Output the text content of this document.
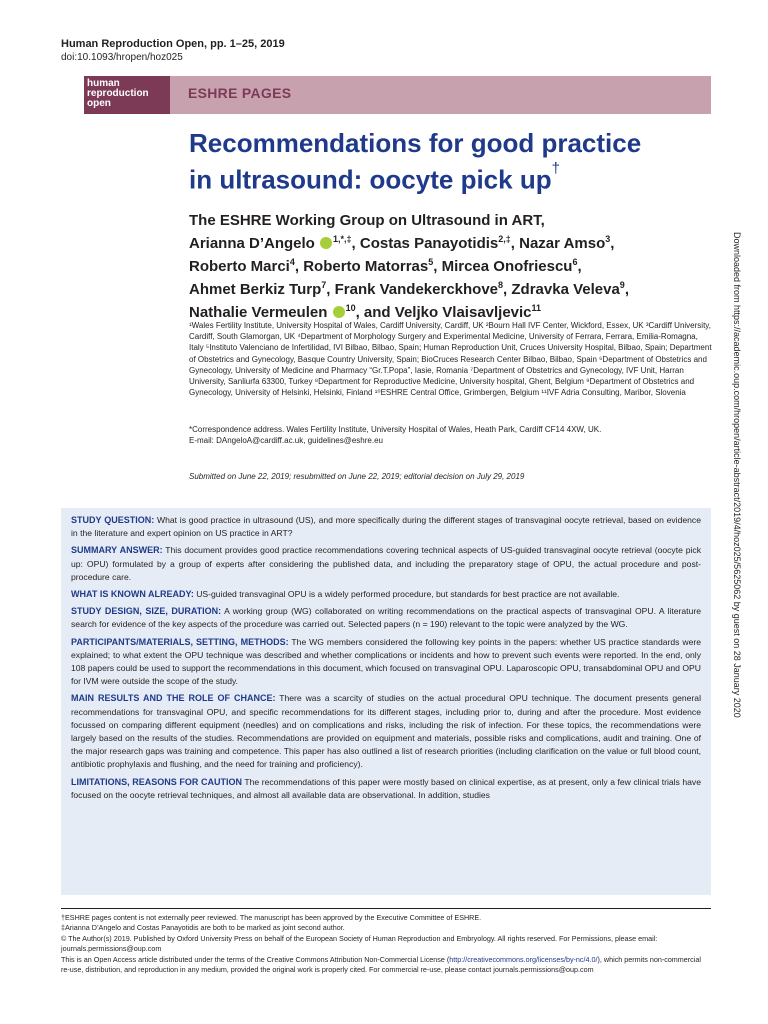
Human Reproduction Open, pp. 1–25, 2019
doi:10.1093/hropen/hoz025
human
reproduction
open
ESHRE PAGES
Recommendations for good practice
in ultrasound: oocyte pick up†
The ESHRE Working Group on Ultrasound in ART,
Arianna D’Angelo $^{1,*,\ddagger}$, Costas Panayotidis$^{2,\ddagger}$, Nazar Amso$^3$,
Roberto Marci$^4$, Roberto Matorras$^5$, Mircea Onofriescu$^6$,
Ahmet Berkiz Turp$^7$, Frank Vandekerckhove$^8$, Zdravka Veleva$^9$,
Nathalie Vermeulen $^{10}$, and Veljko Vlaisavljevic$^{11}$
¹Wales Fertility Institute, University Hospital of Wales, Cardiff University, Cardiff, UK ²Bourn Hall IVF Center, Wickford, Essex, UK ³Cardiff University, Cardiff, South Glamorgan, UK ⁴Department of Morphology Surgery and Experimental Medicine, University of Ferrara, Ferrara, Emilia-Romagna, Italy ⁵Instituto Valenciano de Infertilidad, IVI Bilbao, Bilbao, Spain; Human Reproduction Unit, Cruces University Hospital, Bilbao, Spain; Department of Obstetrics and Gynecology, Basque Country University, Spain; BioCruces Research Center Bilbao, Bilbao, Spain ⁶Department of Obstetrics and Gynecology, University of Medicine and Pharmacy “Gr.T.Popa”, Iasie, Romania ⁷Department of Obstetrics and Gynecology, IVF Unit, Harran University, Sanliurfa 63300, Turkey ⁸Department for Reproductive Medicine, University hospital, Ghent, Belgium ⁹Department of Obstetrics and Gynecology, University of Helsinki, Helsinki, Finland ¹⁰ESHRE Central Office, Grimbergen, Belgium ¹¹IVF Adria Consulting, Maribor, Slovenia
*Correspondence address. Wales Fertility Institute, University Hospital of Wales, Heath Park, Cardiff CF14 4XW, UK.
E-mail: DAngeloA@cardiff.ac.uk, guidelines@eshre.eu
Submitted on June 22, 2019; resubmitted on June 22, 2019; editorial decision on July 29, 2019
STUDY QUESTION: What is good practice in ultrasound (US), and more specifically during the different stages of transvaginal oocyte retrieval, based on evidence in the literature and expert opinion on US practice in ART?
SUMMARY ANSWER: This document provides good practice recommendations covering technical aspects of US-guided transvaginal oocyte retrieval (oocyte pick up: OPU) formulated by a group of experts after considering the published data, and including the preparatory stage of OPU, the actual procedure and post-procedure care.
WHAT IS KNOWN ALREADY: US-guided transvaginal OPU is a widely performed procedure, but standards for best practice are not available.
STUDY DESIGN, SIZE, DURATION: A working group (WG) collaborated on writing recommendations on the practical aspects of transvaginal OPU. A literature search for evidence of the key aspects of the procedure was carried out. Selected papers (n = 190) relevant to the topic were analyzed by the WG.
PARTICIPANTS/MATERIALS, SETTING, METHODS: The WG members considered the following key points in the papers: whether US practice standards were explained; to what extent the OPU technique was described and whether complications or incidents and how to prevent such events were reported. In the end, only 108 papers could be used to support the recommendations in this document, which focused on transvaginal OPU. Laparoscopic OPU, transabdominal OPU and OPU for IVM were outside the scope of the study.
MAIN RESULTS AND THE ROLE OF CHANCE: There was a scarcity of studies on the actual procedural OPU technique. The document presents general recommendations for transvaginal OPU, and specific recommendations for its different stages, including prior to, during and after the procedure. Most evidence focussed on comparing different equipment (needles) and on complications and risks, including the risk of infection. For these topics, the recommendations were largely based on the results of the studies. Recommendations are provided on equipment and materials, possible risks and complications, audit and training. One of the major research gaps was training and competence. This paper has also outlined a list of research priorities (including clarification on the value or full blood count, antibiotic prophylaxis and flushing, and the need for training and proficiency).
LIMITATIONS, REASONS FOR CAUTION The recommendations of this paper were mostly based on clinical expertise, as at present, only a few clinical trials have focused on the oocyte retrieval techniques, and almost all available data are observational. In addition, studies
†ESHRE pages content is not externally peer reviewed. The manuscript has been approved by the Executive Committee of ESHRE.
‡Arianna D’Angelo and Costas Panayotidis are both to be marked as joint second author.
© The Author(s) 2019. Published by Oxford University Press on behalf of the European Society of Human Reproduction and Embryology. All rights reserved. For Permissions, please email: journals.permissions@oup.com
This is an Open Access article distributed under the terms of the Creative Commons Attribution Non-Commercial License (http://creativecommons.org/licenses/by-nc/4.0/), which permits non-commercial re-use, distribution, and reproduction in any medium, provided the original work is properly cited. For commercial re-use, please contact journals.permissions@oup.com
Downloaded from https://academic.oup.com/hropen/article-abstract/2019/4/hoz025/5625062 by guest on 28 January 2020
